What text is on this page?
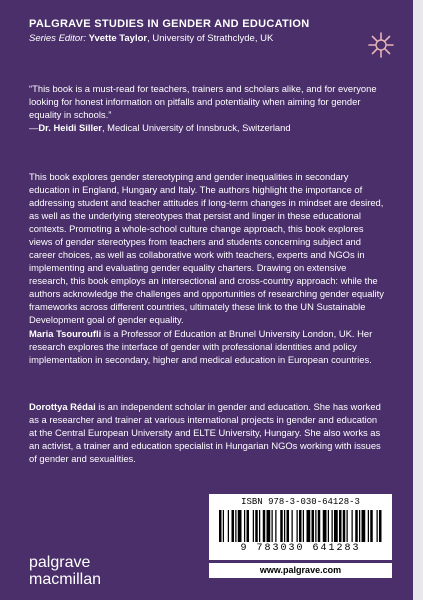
PALGRAVE STUDIES IN GENDER AND EDUCATION
Series Editor: Yvette Taylor, University of Strathclyde, UK
“This book is a must-read for teachers, trainers and scholars alike, and for everyone looking for honest information on pitfalls and potentiality when aiming for gender equality in schools.”
—Dr. Heidi Siller, Medical University of Innsbruck, Switzerland
This book explores gender stereotyping and gender inequalities in secondary education in England, Hungary and Italy. The authors highlight the importance of addressing student and teacher attitudes if long-term changes in mindset are desired, as well as the underlying stereotypes that persist and linger in these educational contexts. Promoting a whole-school culture change approach, this book explores views of gender stereotypes from teachers and students concerning subject and career choices, as well as collaborative work with teachers, experts and NGOs in implementing and evaluating gender equality charters. Drawing on extensive research, this book employs an intersectional and cross-country approach: while the authors acknowledge the challenges and opportunities of researching gender equality frameworks across different countries, ultimately these link to the UN Sustainable Development goal of gender equality.
Maria Tsouroufli is a Professor of Education at Brunel University London, UK. Her research explores the interface of gender with professional identities and policy implementation in secondary, higher and medical education in European countries.
Dorottya Rédai is an independent scholar in gender and education. She has worked as a researcher and trainer at various international projects in gender and education at the Central European University and ELTE University, Hungary. She also works as an activist, a trainer and education specialist in Hungarian NGOs working with issues of gender and sexualities.
palgrave
macmillan
ISBN 978-3-030-64128-3
9 783030 641283
www.palgrave.com
